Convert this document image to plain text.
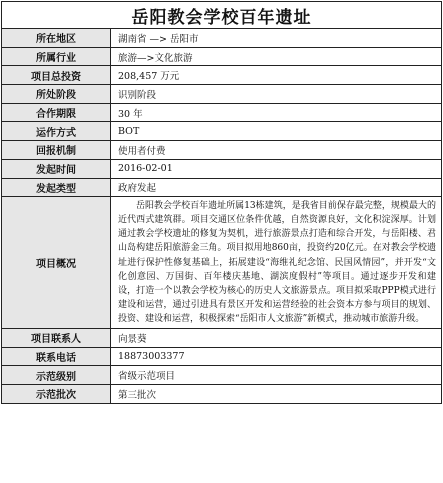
岳阳教会学校百年遗址
所在地区	湖南省 —> 岳阳市
所属行业	旅游—>文化旅游
项目总投资	208,457 万元
所处阶段	识别阶段
合作期限	30 年
运作方式	BOT
回报机制	使用者付费
发起时间	2016-02-01
发起类型	政府发起
项目概况	岳阳教会学校百年遗址所属13栋建筑，是我省目前保存最完整，规模最大的近代西式建筑群。项目交通区位条件优越，自然资源良好，文化积淀深厚。计划通过教会学校遗址的修复为契机，进行旅游景点打造和综合开发，与岳阳楼、君山岛构建岳阳旅游金三角。项目拟用地860亩，投资约20亿元。在对教会学校遗址进行保护性修复基础上，拓展建设“海维礼纪念馆、民国风情园”，并开发“文化创意园、万国街、百年楼庆基地、湖滨度假村”等项目。通过逐步开发和建设，打造一个以教会学校为核心的历史人文旅游景点。项目拟采取PPP模式进行建设和运营，通过引进具有景区开发和运营经验的社会资本方参与项目的规划、投资、建设和运营，积极探索“岳阳市人文旅游”新模式，推动城市旅游升级。
项目联系人	向景葵
联系电话	18873003377
示范级别	省级示范项目
示范批次	第三批次
